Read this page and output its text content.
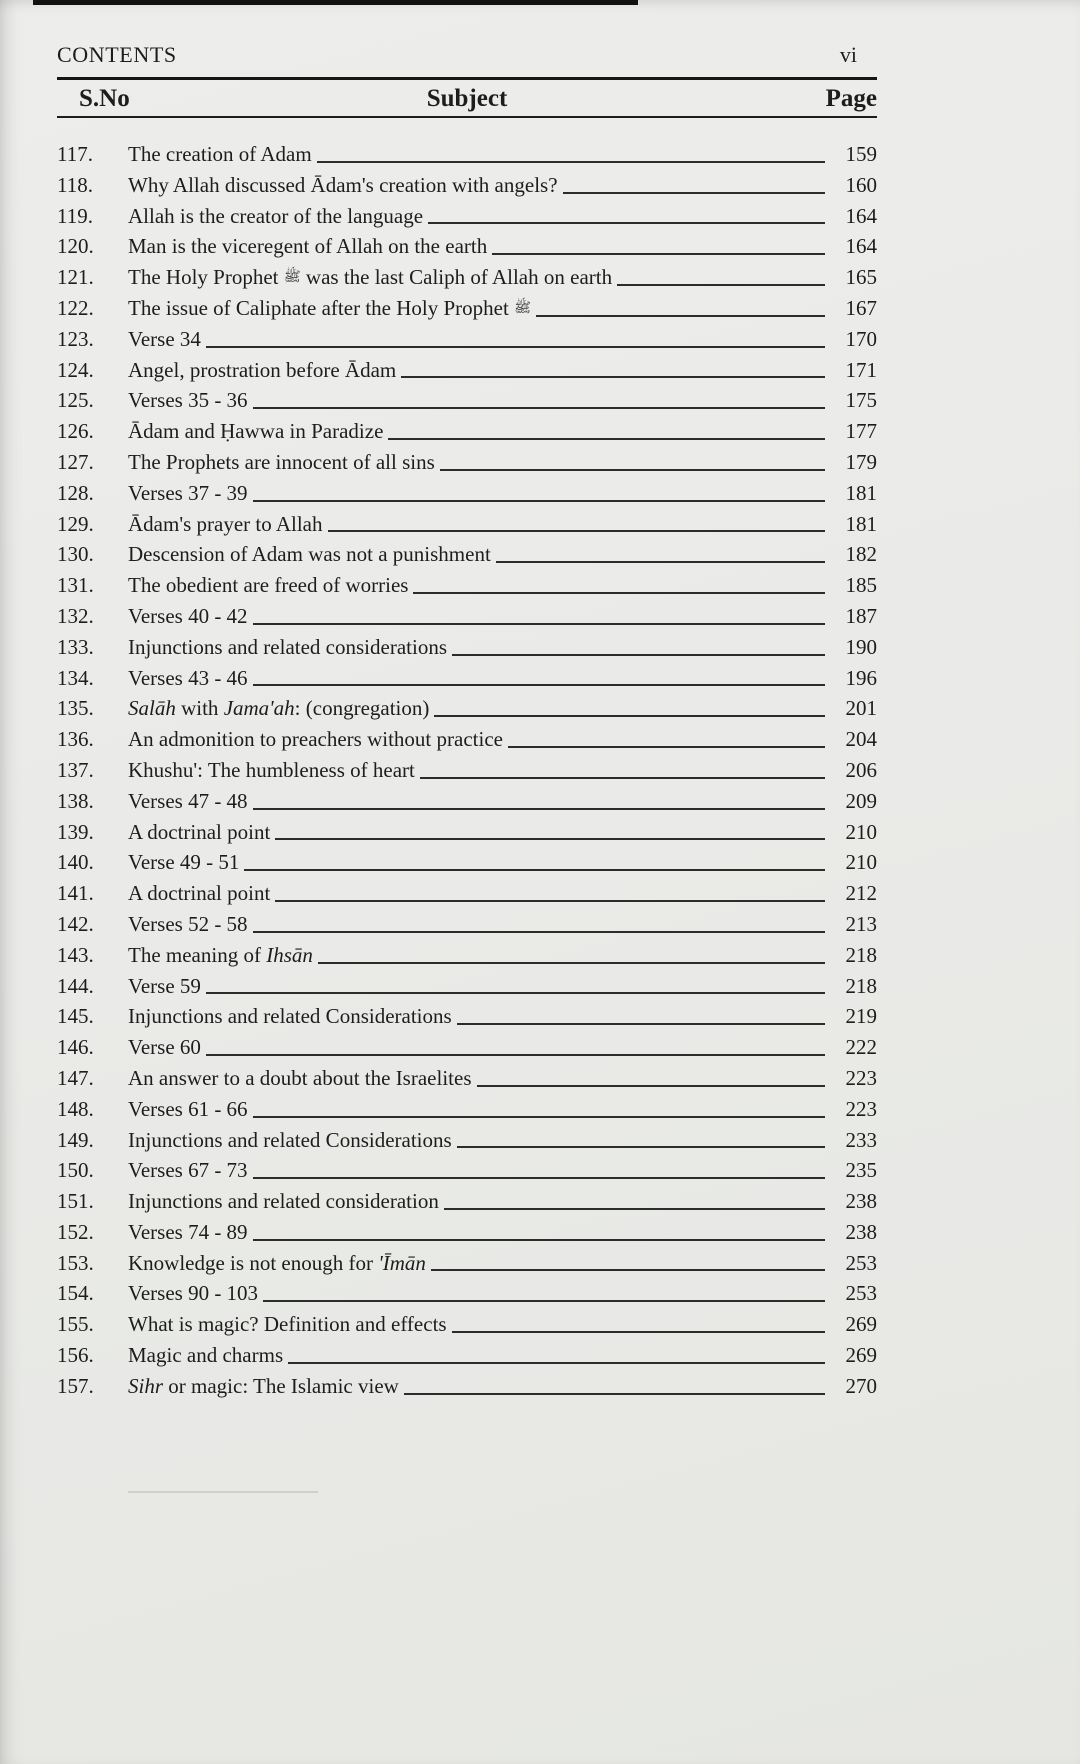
CONTENTS	vi
S.No	Subject	Page
117.	The creation of Adam	159
118.	Why Allah discussed Ādam's creation with angels?	160
119.	Allah is the creator of the language	164
120.	Man is the viceregent of Allah on the earth	164
121.	The Holy Prophet ﷺ was the last Caliph of Allah on earth	165
122.	The issue of Caliphate after the Holy Prophet ﷺ	167
123.	Verse 34	170
124.	Angel, prostration before Ādam	171
125.	Verses 35 - 36	175
126.	Ādam and Ḥawwa in Paradize	177
127.	The Prophets are innocent of all sins	179
128.	Verses 37 - 39	181
129.	Ādam's prayer to Allah	181
130.	Descension of Adam was not a punishment	182
131.	The obedient are freed of worries	185
132.	Verses 40 - 42	187
133.	Injunctions and related considerations	190
134.	Verses 43 - 46	196
135.	Salāh with Jama'ah: (congregation)	201
136.	An admonition to preachers without practice	204
137.	Khushu': The humbleness of heart	206
138.	Verses 47 - 48	209
139.	A doctrinal point	210
140.	Verse 49 - 51	210
141.	A doctrinal point	212
142.	Verses 52 - 58	213
143.	The meaning of Ihsān	218
144.	Verse 59	218
145.	Injunctions and related Considerations	219
146.	Verse 60	222
147.	An answer to a doubt about the Israelites	223
148.	Verses 61 - 66	223
149.	Injunctions and related Considerations	233
150.	Verses 67 - 73	235
151.	Injunctions and related consideration	238
152.	Verses 74 - 89	238
153.	Knowledge is not enough for 'Īmān	253
154.	Verses 90 - 103	253
155.	What is magic? Definition and effects	269
156.	Magic and charms	269
157.	Sihr or magic: The Islamic view	270
